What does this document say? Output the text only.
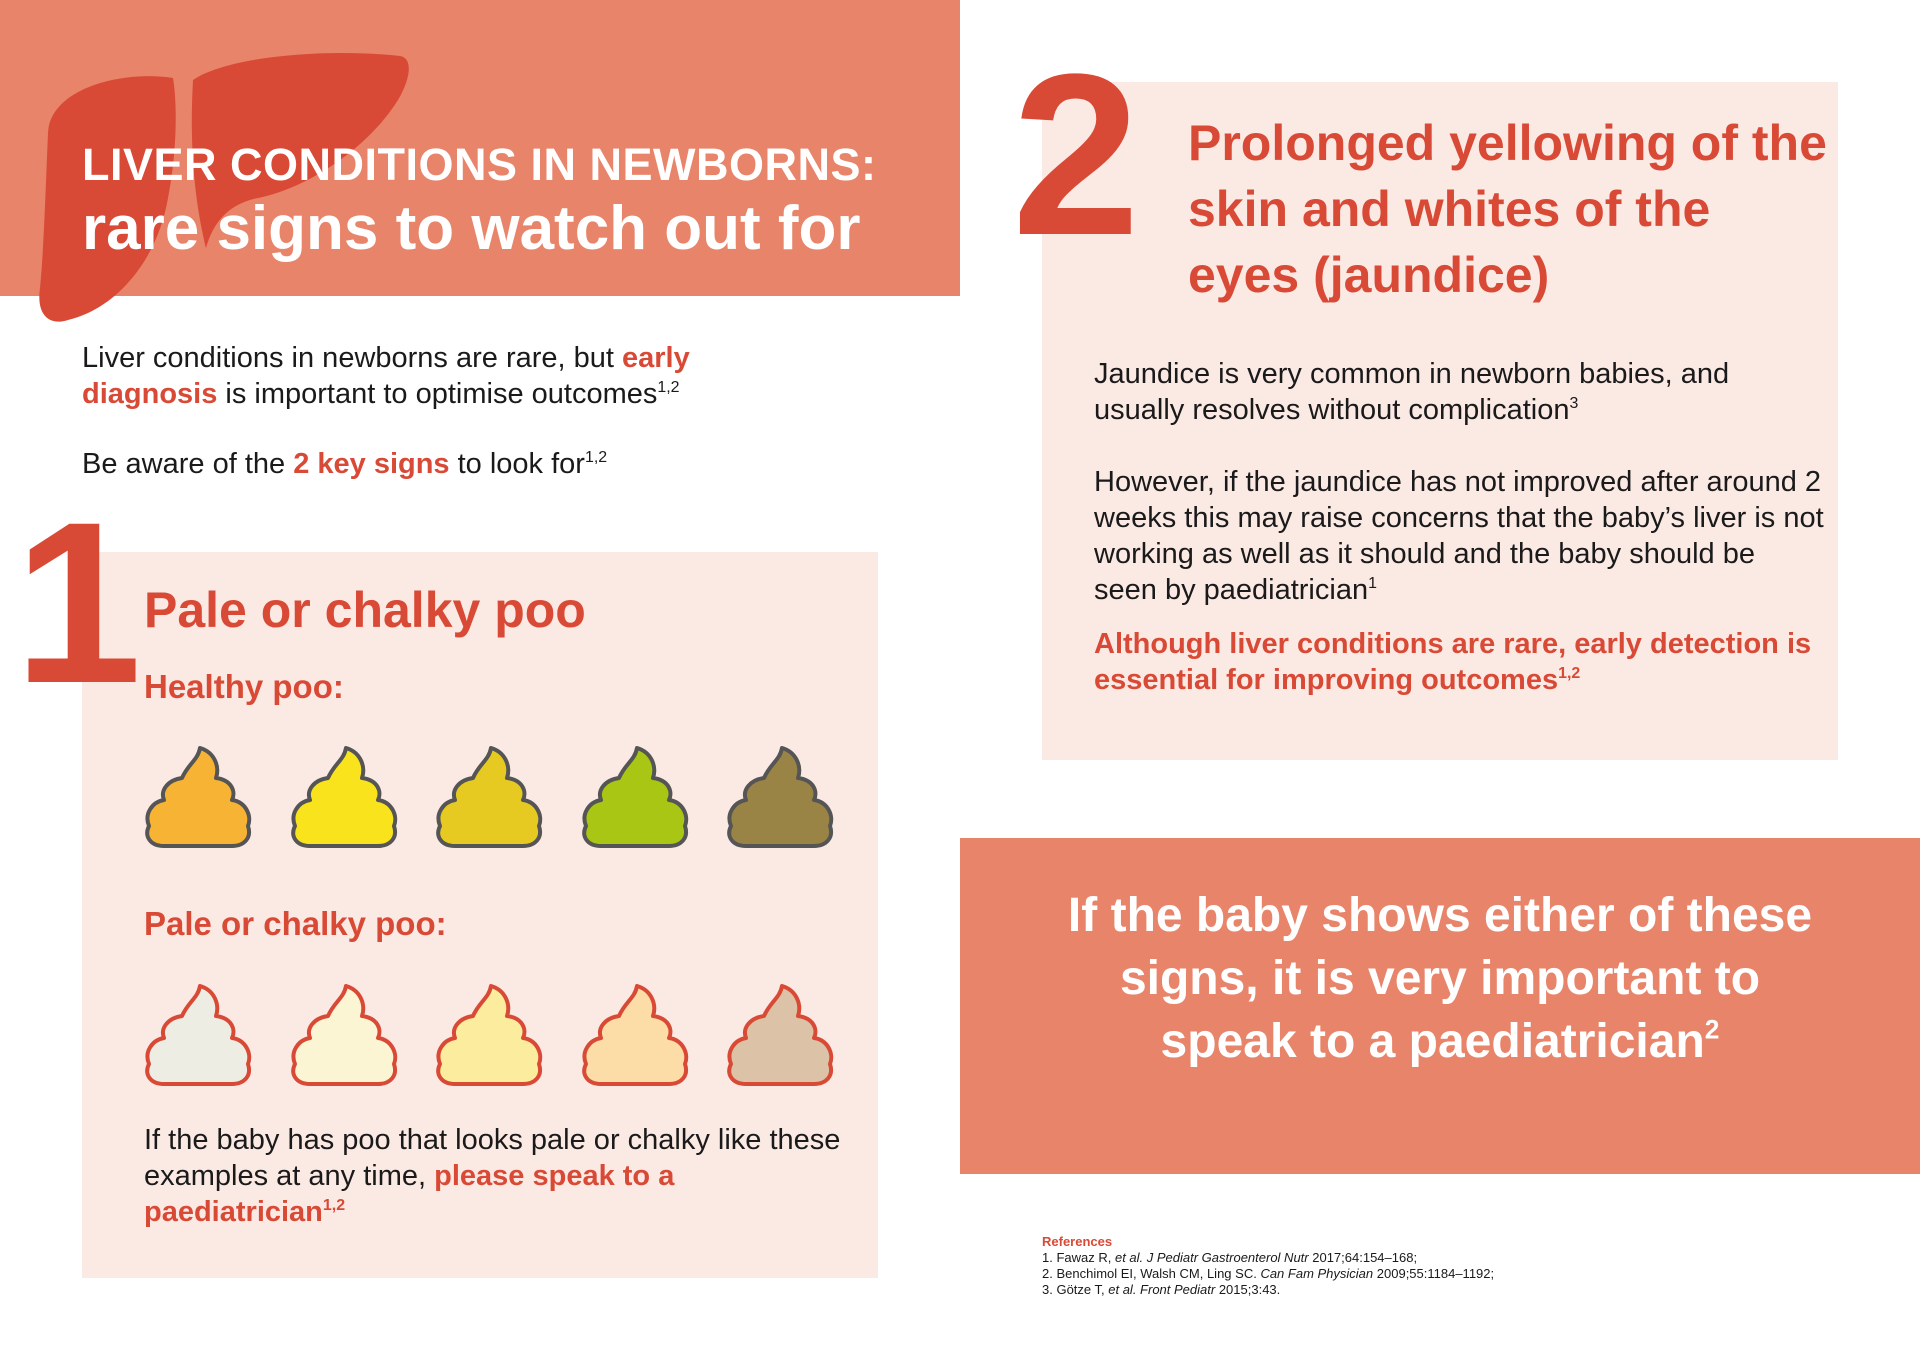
LIVER CONDITIONS IN NEWBORNS:
rare signs to watch out for
Liver conditions in newborns are rare, but early diagnosis is important to optimise outcomes$^{1,2}$
Be aware of the 2 key signs to look for$^{1,2}$
1 Pale or chalky poo
Healthy poo:
Pale or chalky poo:
If the baby has poo that looks pale or chalky like these examples at any time, please speak to a paediatrician$^{1,2}$
2 Prolonged yellowing of the skin and whites of the eyes (jaundice)
Jaundice is very common in newborn babies, and usually resolves without complication$^3$
However, if the jaundice has not improved after around 2 weeks this may raise concerns that the baby’s liver is not working as well as it should and the baby should be seen by paediatrician$^1$
Although liver conditions are rare, early detection is essential for improving outcomes$^{1,2}$
If the baby shows either of these signs, it is very important to speak to a paediatrician$^2$
References
1. Fawaz R, et al. J Pediatr Gastroenterol Nutr 2017;64:154–168;
2. Benchimol EI, Walsh CM, Ling SC. Can Fam Physician 2009;55:1184–1192;
3. Götze T, et al. Front Pediatr 2015;3:43.
